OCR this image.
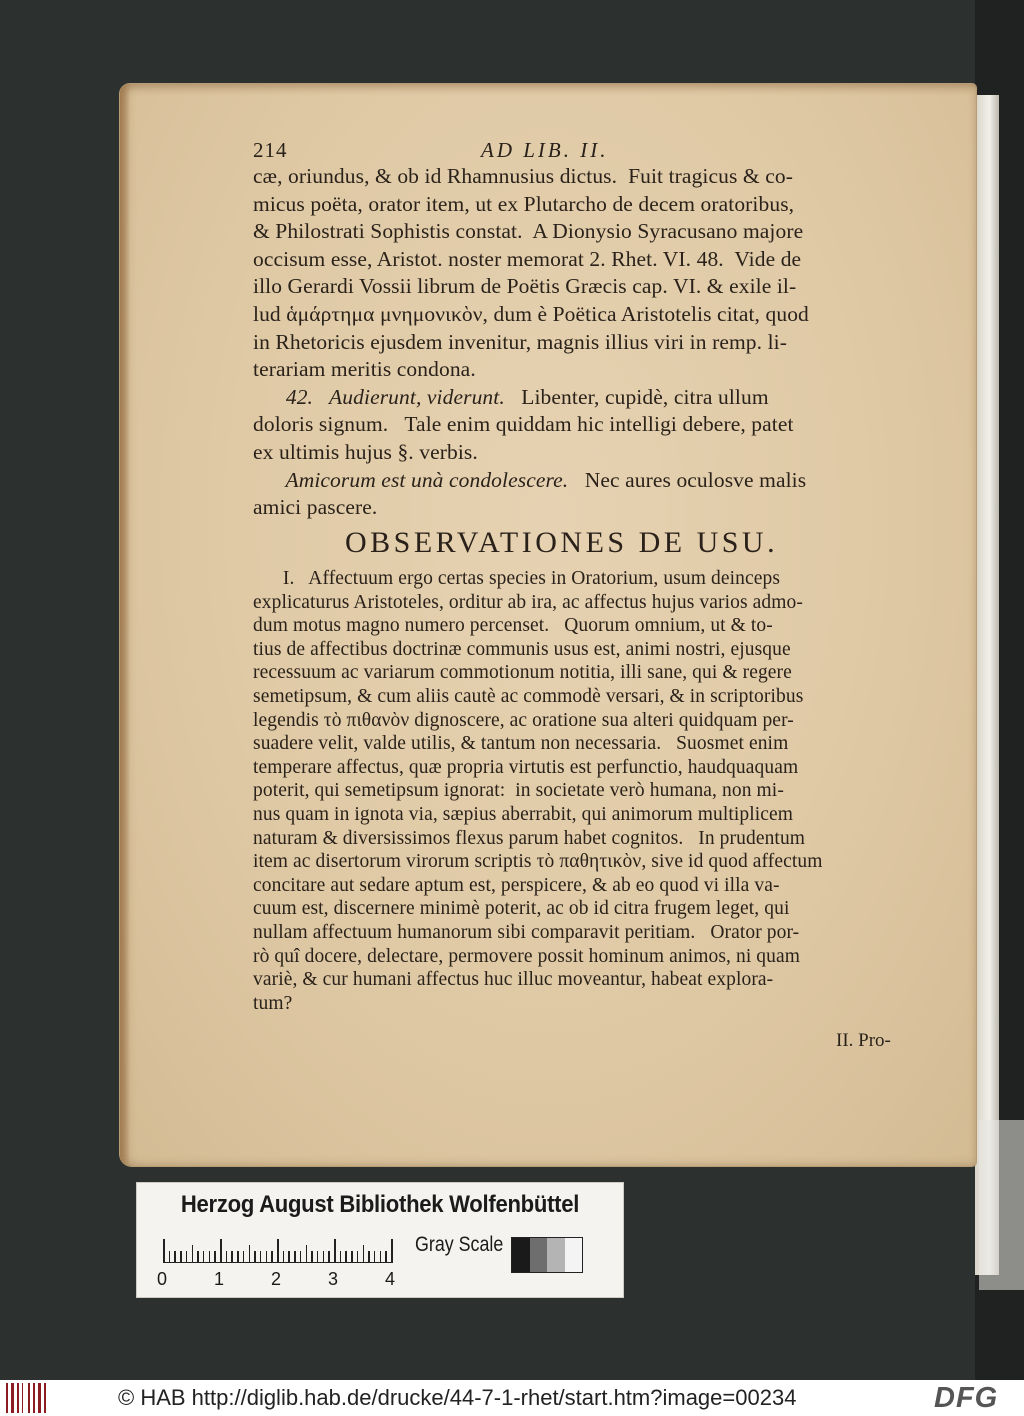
214	AD LIB. II.
cæ, oriundus, & ob id Rhamnusius dictus.  Fuit tragicus & co-
micus poëta, orator item, ut ex Plutarcho de decem oratoribus,
& Philostrati Sophistis constat.  A Dionysio Syracusano majore
occisum esse, Aristot. noster memorat 2. Rhet. VI. 48.  Vide de
illo Gerardi Vossii librum de Poëtis Græcis cap. VI. & exile il-
lud ἁμάρτημα μνημονικὸν, dum è Poëtica Aristotelis citat, quod
in Rhetoricis ejusdem invenitur, magnis illius viri in remp. li-
terariam meritis condona.
42.   Audierunt, viderunt.   Libenter, cupidè, citra ullum
doloris signum.   Tale enim quiddam hic intelligi debere, patet
ex ultimis hujus §. verbis.
Amicorum est unà condolescere.   Nec aures oculosve malis
amici pascere.
OBSERVATIONES DE USU.
I.   Affectuum ergo certas species in Oratorium, usum deinceps
explicaturus Aristoteles, orditur ab ira, ac affectus hujus varios admo-
dum motus magno numero percenset.   Quorum omnium, ut & to-
tius de affectibus doctrinæ communis usus est, animi nostri, ejusque
recessuum ac variarum commotionum notitia, illi sane, qui & regere
semetipsum, & cum aliis cautè ac commodè versari, & in scriptoribus
legendis τὸ πιθανὸν dignoscere, ac oratione sua alteri quidquam per-
suadere velit, valde utilis, & tantum non necessaria.   Suosmet enim
temperare affectus, quæ propria virtutis est perfunctio, haudquaquam
poterit, qui semetipsum ignorat:  in societate verò humana, non mi-
nus quam in ignota via, sæpius aberrabit, qui animorum multiplicem
naturam & diversissimos flexus parum habet cognitos.   In prudentum
item ac disertorum virorum scriptis τὸ παθητικὸν, sive id quod affectum
concitare aut sedare aptum est, perspicere, & ab eo quod vi illa va-
cuum est, discernere minimè poterit, ac ob id citra frugem leget, qui
nullam affectuum humanorum sibi comparavit peritiam.   Orator por-
rò quî docere, delectare, permovere possit hominum animos, ni quam
variè, & cur humani affectus huc illuc moveantur, habeat explora-
tum?
II. Pro-
Herzog August Bibliothek Wolfenbüttel
0	1	2	3	4
Gray Scale
© HAB http://diglib.hab.de/drucke/44-7-1-rhet/start.htm?image=00234	DFG
